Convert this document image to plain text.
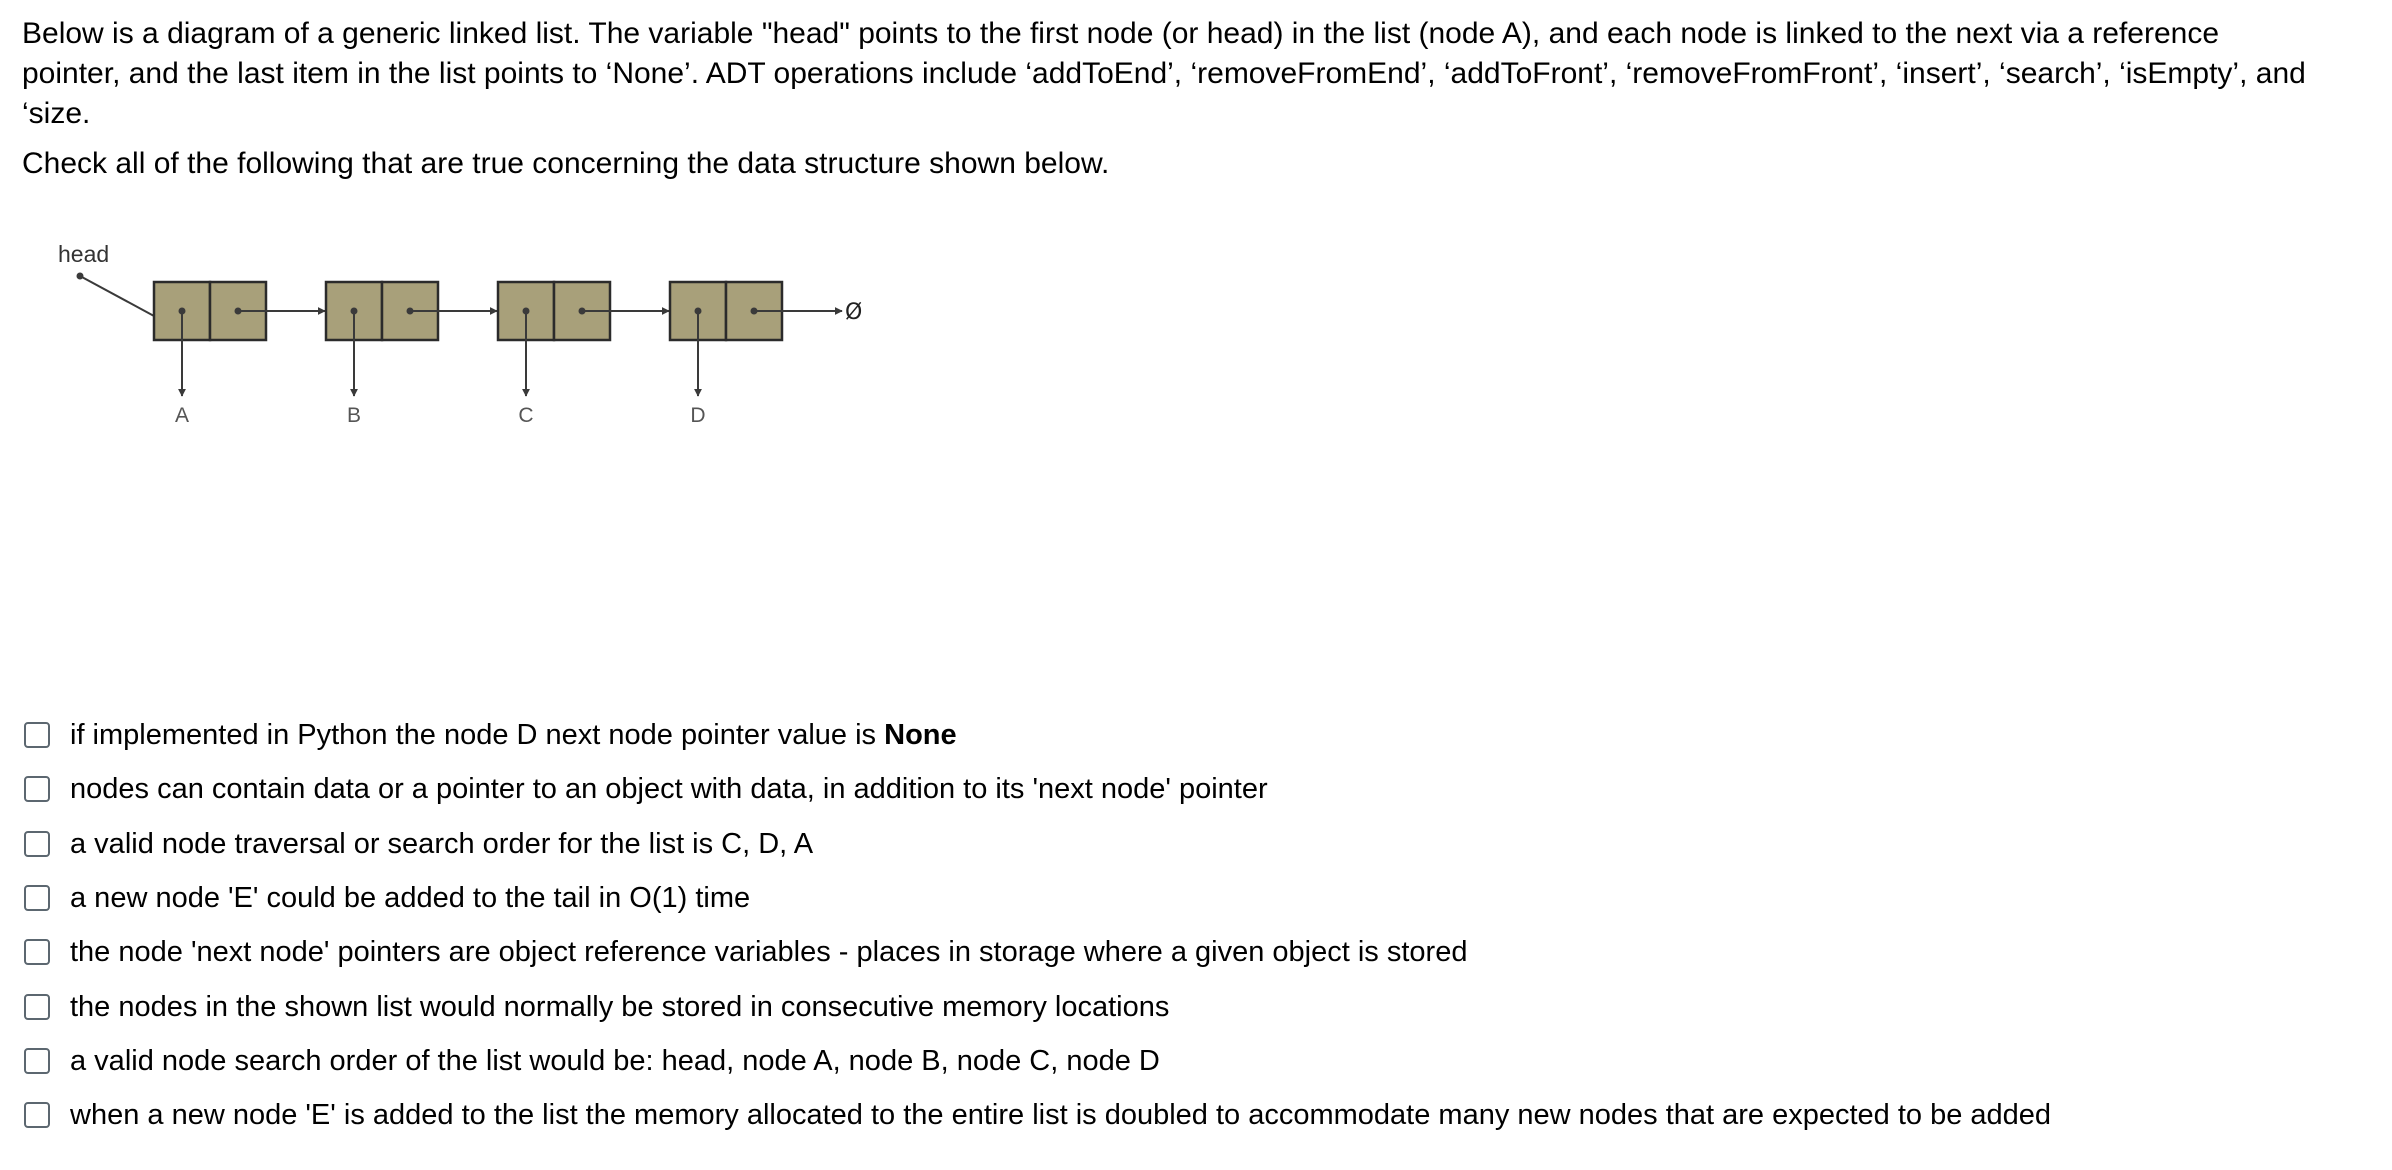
Below is a diagram of a generic linked list. The variable "head" points to the first node (or head) in the list (node A), and each node is linked to the next via a reference pointer, and the last item in the list points to ‘None’. ADT operations include ‘addToEnd’, ‘removeFromEnd’, ‘addToFront’, ‘removeFromFront’, ‘insert’, ‘search’, ‘isEmpty’, and ‘size.

Check all of the following that are true concerning the data structure shown below.

head
A	B	C	D
Ø
if implemented in Python the node D next node pointer value is None
nodes can contain data or a pointer to an object with data, in addition to its 'next node' pointer
a valid node traversal or search order for the list is C, D, A
a new node 'E' could be added to the tail in O(1) time
the node 'next node' pointers are object reference variables - places in storage where a given object is stored
the nodes in the shown list would normally be stored in consecutive memory locations
a valid node search order of the list would be: head, node A, node B, node C, node D
when a new node 'E' is added to the list the memory allocated to the entire list is doubled to accommodate many new nodes that are expected to be added
